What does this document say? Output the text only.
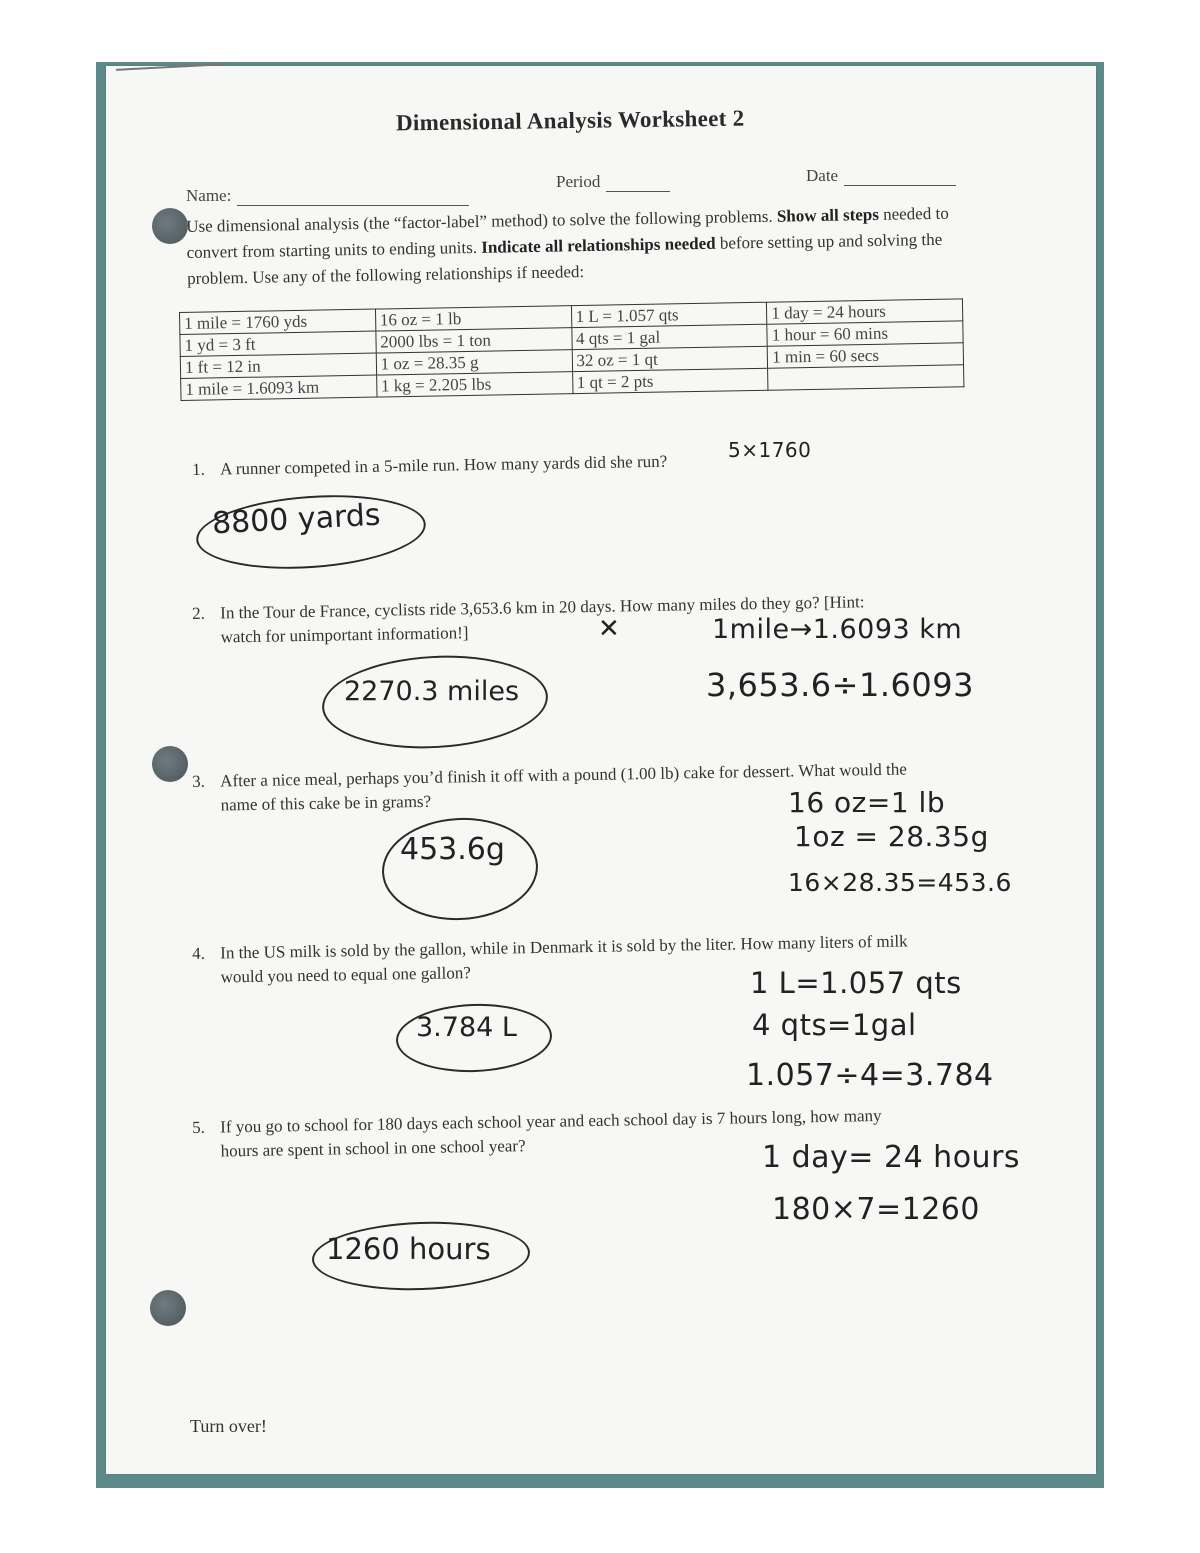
Dimensional Analysis Worksheet 2
Name:
Period	Date
Use dimensional analysis (the “factor-label” method) to solve the following problems. Show all steps needed to convert from starting units to ending units. Indicate all relationships needed before setting up and solving the problem. Use any of the following relationships if needed:
1 mile = 1760 yds	16 oz = 1 lb	1 L = 1.057 qts	1 day = 24 hours
1 yd = 3 ft	2000 lbs = 1 ton	4 qts = 1 gal	1 hour = 60 mins
1 ft = 12 in	1 oz = 28.35 g	32 oz = 1 qt	1 min = 60 secs
1 mile = 1.6093 km	1 kg = 2.205 lbs	1 qt = 2 pts	
1. A runner competed in a 5-mile run. How many yards did she run?
5×1760
8800 yards
2. In the Tour de France, cyclists ride 3,653.6 km in 20 days. How many miles do they go? [Hint:
watch for unimportant information!]	✕	1mile→1.6093 km
3,653.6÷1.6093
2270.3 miles
3. After a nice meal, perhaps you’d finish it off with a pound (1.00 lb) cake for dessert. What would the
name of this cake be in grams?	16 oz=1 lb
1oz = 28.35g
16×28.35=453.6
453.6g
4. In the US milk is sold by the gallon, while in Denmark it is sold by the liter. How many liters of milk
would you need to equal one gallon?	1 L=1.057 qts
4 qts=1gal
1.057÷4=3.784
3.784 L
5. If you go to school for 180 days each school year and each school day is 7 hours long, how many
hours are spent in school in one school year?	1 day= 24 hours
180×7=1260
1260 hours
Turn over!
